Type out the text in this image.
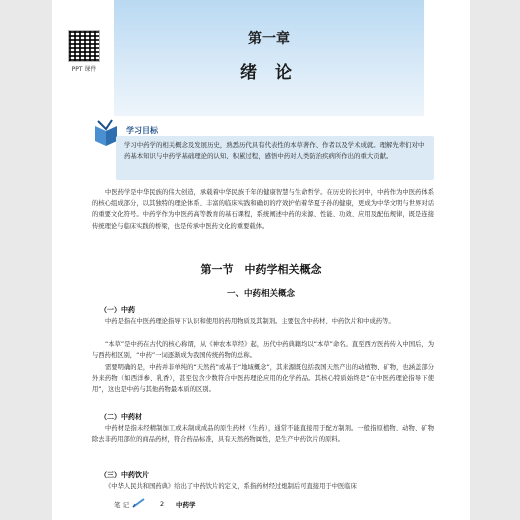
第一章
绪 论
PPT 课件
学习目标
学习中药学的相关概念及发展历史，熟悉历代具有代表性的本草著作、作者以及学术成就。理解先辈们对中药基本知识与中药学基础理论的认知、积累过程，感悟中药对人类防治疾病所作出的重大贡献。
中医药学是中华民族的伟大创造，承载着中华民族千年的健康智慧与生命哲学。在历史的长河中，中药作为中医药体系的核心组成部分，以其独特的理论体系、丰富的临床实践和确切的疗效护佑着华夏子孙的健康，更成为中华文明与世界对话的重要文化符号。中药学作为中医药高等教育的基石课程，系统阐述中药的来源、性能、功效、应用及配伍规律，既是连接传统理论与临床实践的桥梁，也是传承中医药文化的重要载体。
第一节　中药学相关概念
一、中药相关概念
（一）中药
中药是指在中医药理论指导下认识和使用的药用物质及其制剂。主要包含中药材、中药饮片和中成药等。
“本草”是中药在古代的核心称谓，从《神农本草经》起，历代中药典籍均以“本草”命名。直至西方医药传入中国后，为与西药相区别，“中药”一词逐渐成为我国传统药物的总称。
需要明确的是，中药并非单纯的“天然药”或基于“地域概念”，其来源既包括我国天然产出的动植物、矿物，也涵盖部分外来药物（如西洋参、乳香），甚至包含少数符合中医药理论应用的化学药品。其核心特质始终是“在中医药理论指导下使用”，这也是中药与其他药物最本质的区别。
（二）中药材
中药材是指未经精制加工或未制成成品的原生药材（生药），通常不能直接用于配方制剂。一般指原植物、动物、矿物除去非药用部位的商品药材，符合药品标准，具有天然药物属性，是生产中药饮片的原料。
（三）中药饮片
《中华人民共和国药典》给出了中药饮片的定义，系指药材经过炮制后可直接用于中医临床
笔 记	2 中药学
